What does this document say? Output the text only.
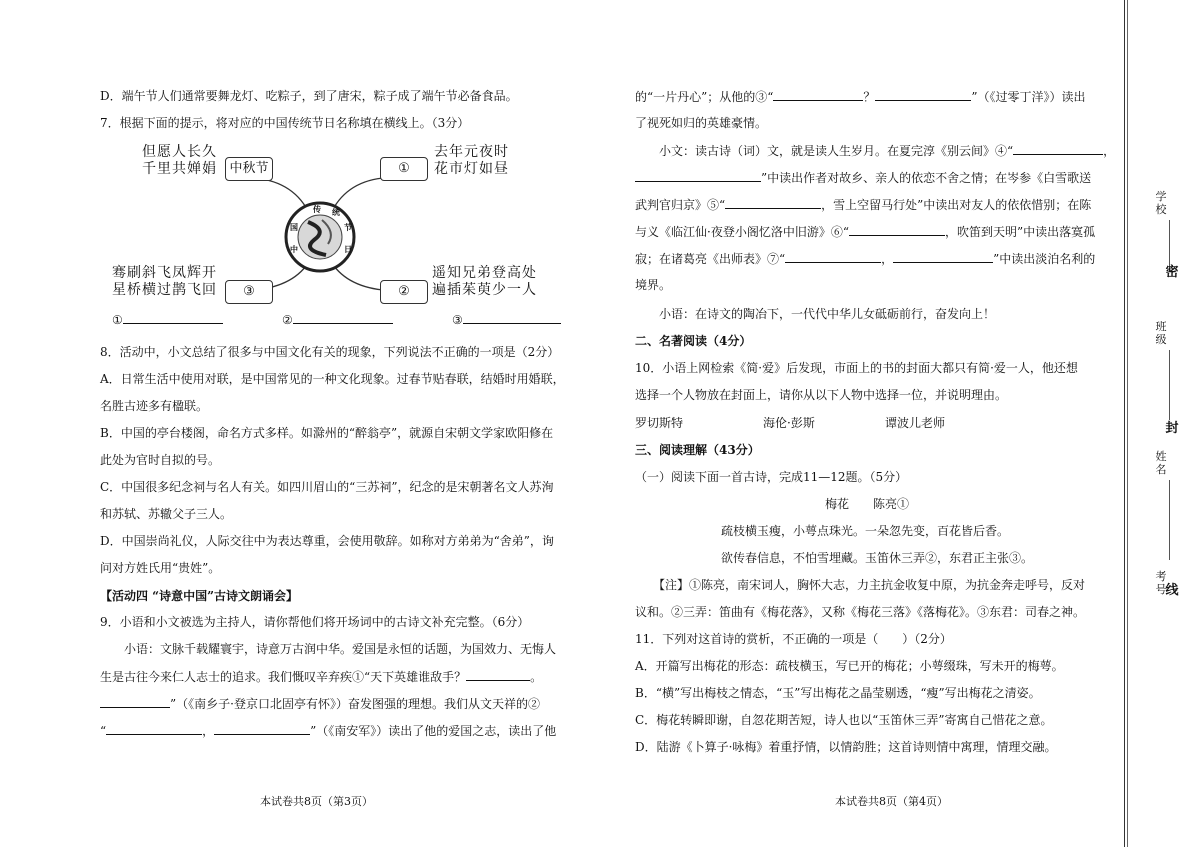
D．端午节人们通常要舞龙灯、吃粽子，到了唐宋，粽子成了端午节必备食品。
7．根据下面的提示，将对应的中国传统节日名称填在横线上。（3分）
传 统
节
日
中
国
中秋节	①
③	②
但愿人长久
千里共婵娟
去年元夜时
花市灯如昼
骞刷斜飞凤辉开
星桥横过鹊飞回
遥知兄弟登高处
遍插茱萸少一人
①	②	③
8．活动中，小文总结了很多与中国文化有关的现象，下列说法不正确的一项是（2分）
A．日常生活中使用对联，是中国常见的一种文化现象。过春节贴春联，结婚时用婚联，
名胜古迹多有楹联。
B．中国的亭台楼阁，命名方式多样。如滁州的“醉翁亭”，就源自宋朝文学家欧阳修在
此处为官时自拟的号。
C．中国很多纪念祠与名人有关。如四川眉山的“三苏祠”，纪念的是宋朝著名文人苏洵
和苏轼、苏辙父子三人。
D．中国崇尚礼仪，人际交往中为表达尊重，会使用敬辞。如称对方弟弟为“舍弟”，询
问对方姓氏用“贵姓”。
【活动四 “诗意中国”古诗文朗诵会】
9．小语和小文被选为主持人，请你帮他们将开场词中的古诗文补充完整。（6分）
小语：文脉千载耀寰宇，诗意万古润中华。爱国是永恒的话题，为国效力、无悔人
生是古往今来仁人志士的追求。我们慨叹辛弃疾①“天下英雄谁敌手？	。
”（《南乡子·登京口北固亭有怀》）奋发图强的理想。我们从文天祥的②
“	，	”（《南安军》）读出了他的爱国之志，读出了他
本试卷共8页（第3页）
的“一片丹心”；从他的③“	？	”（《过零丁洋》）读出
了视死如归的英雄豪情。
小文：读古诗（词）文，就是读人生岁月。在夏完淳《别云间》④“	，
”中读出作者对故乡、亲人的依恋不舍之情；在岑参《白雪歌送
武判官归京》⑤“	，雪上空留马行处”中读出对友人的依依惜别；在陈
与义《临江仙·夜登小阁忆洛中旧游》⑥“	，吹笛到天明”中读出落寞孤
寂；在诸葛亮《出师表》⑦“	，	”中读出淡泊名利的
境界。
小语：在诗文的陶冶下，一代代中华儿女砥砺前行，奋发向上！
二、名著阅读（4分）
10．小语上网检索《简·爱》后发现，市面上的书的封面大都只有简·爱一人，他还想
选择一个人物放在封面上，请你从以下人物中选择一位，并说明理由。
罗切斯特	海伦·彭斯	谭波儿老师
三、阅读理解（43分）
（一）阅读下面一首古诗，完成11—12题。（5分）
梅花　　陈亮①
疏枝横玉瘦，小萼点珠光。一朵忽先变，百花皆后香。
欲传春信息，不怕雪埋藏。玉笛休三弄②，东君正主张③。
【注】①陈亮，南宋词人，胸怀大志，力主抗金收复中原，为抗金奔走呼号，反对
议和。②三弄：笛曲有《梅花落》，又称《梅花三落》《落梅花》。③东君：司春之神。
11．下列对这首诗的赏析，不正确的一项是（　　）（2分）
A．开篇写出梅花的形态：疏枝横玉，写已开的梅花；小萼缀珠，写未开的梅萼。
B．“横”写出梅枝之情态，“玉”写出梅花之晶莹剔透，“瘦”写出梅花之清姿。
C．梅花转瞬即谢，自忽花期苦短，诗人也以“玉笛休三弄”寄寓自己惜花之意。
D．陆游《卜算子·咏梅》着重抒情，以情韵胜；这首诗则情中寓理，情理交融。
本试卷共8页（第4页）
学校
密
班级
封
姓名
考号
线
